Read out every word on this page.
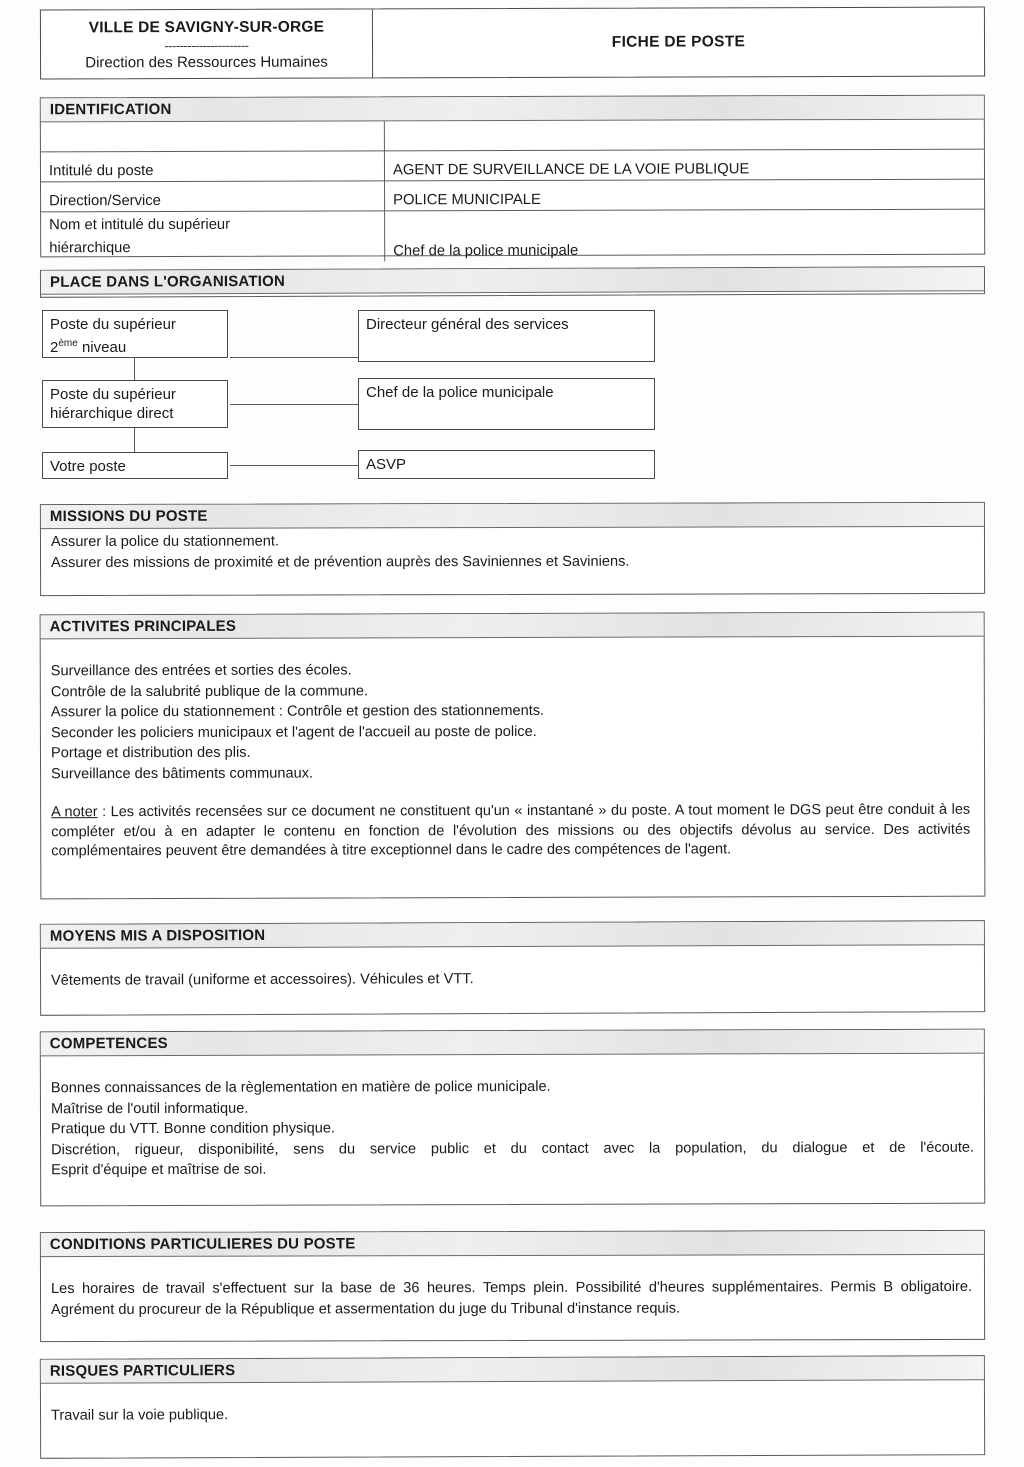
VILLE DE SAVIGNY-SUR-ORGE
----------------------
Direction des Ressources Humaines
FICHE DE POSTE
IDENTIFICATION

Intitulé du poste	AGENT DE SURVEILLANCE DE LA VOIE PUBLIQUE
Direction/Service	POLICE MUNICIPALE

Nom et intitulé du supérieur
hiérarchique	Chef de la police municipale
PLACE DANS L'ORGANISATION
Poste du supérieur
2ème niveau
Directeur général des services
Poste du supérieur
hiérarchique direct
Chef de la police municipale
Votre poste	ASVP
MISSIONS DU POSTE
Assurer la police du stationnement.
Assurer des missions de proximité et de prévention auprès des Saviniennes et Saviniens.
ACTIVITES PRINCIPALES
Surveillance des entrées et sorties des écoles.
Contrôle de la salubrité publique de la commune.
Assurer la police du stationnement : Contrôle et gestion des stationnements.
Seconder les policiers municipaux et l'agent de l'accueil au poste de police.
Portage et distribution des plis.
Surveillance des bâtiments communaux.
A noter : Les activités recensées sur ce document ne constituent qu'un « instantané » du poste. A tout moment le DGS peut être conduit à les compléter et/ou à en adapter le contenu en fonction de l'évolution des missions ou des objectifs dévolus au service. Des activités complémentaires peuvent être demandées à titre exceptionnel dans le cadre des compétences de l'agent.
MOYENS MIS A DISPOSITION
Vêtements de travail (uniforme et accessoires). Véhicules et VTT.
COMPETENCES
Bonnes connaissances de la règlementation en matière de police municipale.
Maîtrise de l'outil informatique.
Pratique du VTT. Bonne condition physique.
Discrétion, rigueur, disponibilité, sens du service public et du contact avec la population, du dialogue et de l'écoute.
Esprit d'équipe et maîtrise de soi.
CONDITIONS PARTICULIERES DU POSTE
Les horaires de travail s'effectuent sur la base de 36 heures. Temps plein. Possibilité d'heures supplémentaires. Permis B obligatoire. Agrément du procureur de la République et assermentation du juge du Tribunal d'instance requis.
RISQUES PARTICULIERS
Travail sur la voie publique.
